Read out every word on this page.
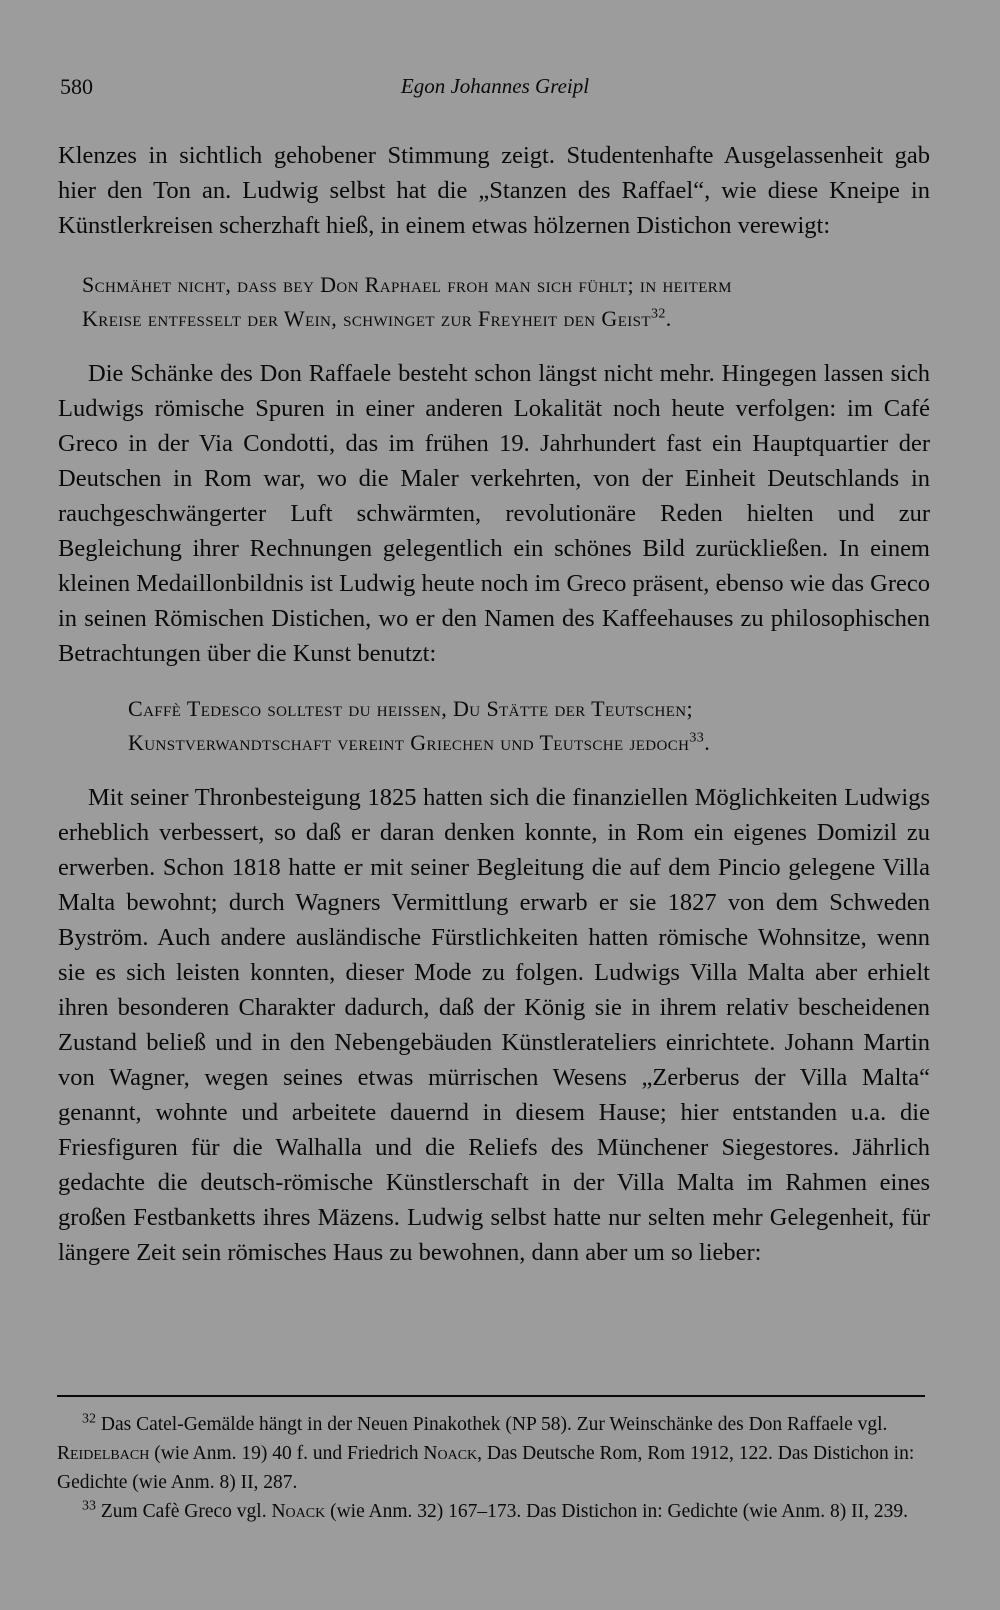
580	Egon Johannes Greipl

Klenzes in sichtlich gehobener Stimmung zeigt. Studentenhafte Ausgelassenheit gab hier den Ton an. Ludwig selbst hat die „Stanzen des Raffael“, wie diese Kneipe in Künstlerkreisen scherzhaft hieß, in einem etwas hölzernen Distichon verewigt:

Schmähet nicht, dass bey Don Raphael froh man sich fühlt; in heiterm
Kreise entfesselt der Wein, schwinget zur Freyheit den Geist$^{32}$.

Die Schänke des Don Raffaele besteht schon längst nicht mehr. Hingegen lassen sich Ludwigs römische Spuren in einer anderen Lokalität noch heute verfolgen: im Café Greco in der Via Condotti, das im frühen 19. Jahrhundert fast ein Hauptquartier der Deutschen in Rom war, wo die Maler verkehrten, von der Einheit Deutschlands in rauchgeschwängerter Luft schwärmten, revolutionäre Reden hielten und zur Begleichung ihrer Rechnungen gelegentlich ein schönes Bild zurückließen. In einem kleinen Medaillonbildnis ist Ludwig heute noch im Greco präsent, ebenso wie das Greco in seinen Römischen Distichen, wo er den Namen des Kaffeehauses zu philosophischen Betrachtungen über die Kunst benutzt:

Caffè Tedesco solltest du heissen, Du Stätte der Teutschen;
Kunstverwandtschaft vereint Griechen und Teutsche jedoch$^{33}$.

Mit seiner Thronbesteigung 1825 hatten sich die finanziellen Möglichkeiten Ludwigs erheblich verbessert, so daß er daran denken konnte, in Rom ein eigenes Domizil zu erwerben. Schon 1818 hatte er mit seiner Begleitung die auf dem Pincio gelegene Villa Malta bewohnt; durch Wagners Vermittlung erwarb er sie 1827 von dem Schweden Byström. Auch andere ausländische Fürstlichkeiten hatten römische Wohnsitze, wenn sie es sich leisten konnten, dieser Mode zu folgen. Ludwigs Villa Malta aber erhielt ihren besonderen Charakter dadurch, daß der König sie in ihrem relativ bescheidenen Zustand beließ und in den Nebengebäuden Künstlerateliers einrichtete. Johann Martin von Wagner, wegen seines etwas mürrischen Wesens „Zerberus der Villa Malta“ genannt, wohnte und arbeitete dauernd in diesem Hause; hier entstanden u.a. die Friesfiguren für die Walhalla und die Reliefs des Münchener Siegestores. Jährlich gedachte die deutsch-römische Künstlerschaft in der Villa Malta im Rahmen eines großen Festbanketts ihres Mäzens. Ludwig selbst hatte nur selten mehr Gelegenheit, für längere Zeit sein römisches Haus zu bewohnen, dann aber um so lieber:

$^{32}$ Das Catel-Gemälde hängt in der Neuen Pinakothek (NP 58). Zur Weinschänke des Don Raffaele vgl. Reidelbach (wie Anm. 19) 40 f. und Friedrich Noack, Das Deutsche Rom, Rom 1912, 122. Das Distichon in: Gedichte (wie Anm. 8) II, 287.

$^{33}$ Zum Cafè Greco vgl. Noack (wie Anm. 32) 167–173. Das Distichon in: Gedichte (wie Anm. 8) II, 239.
